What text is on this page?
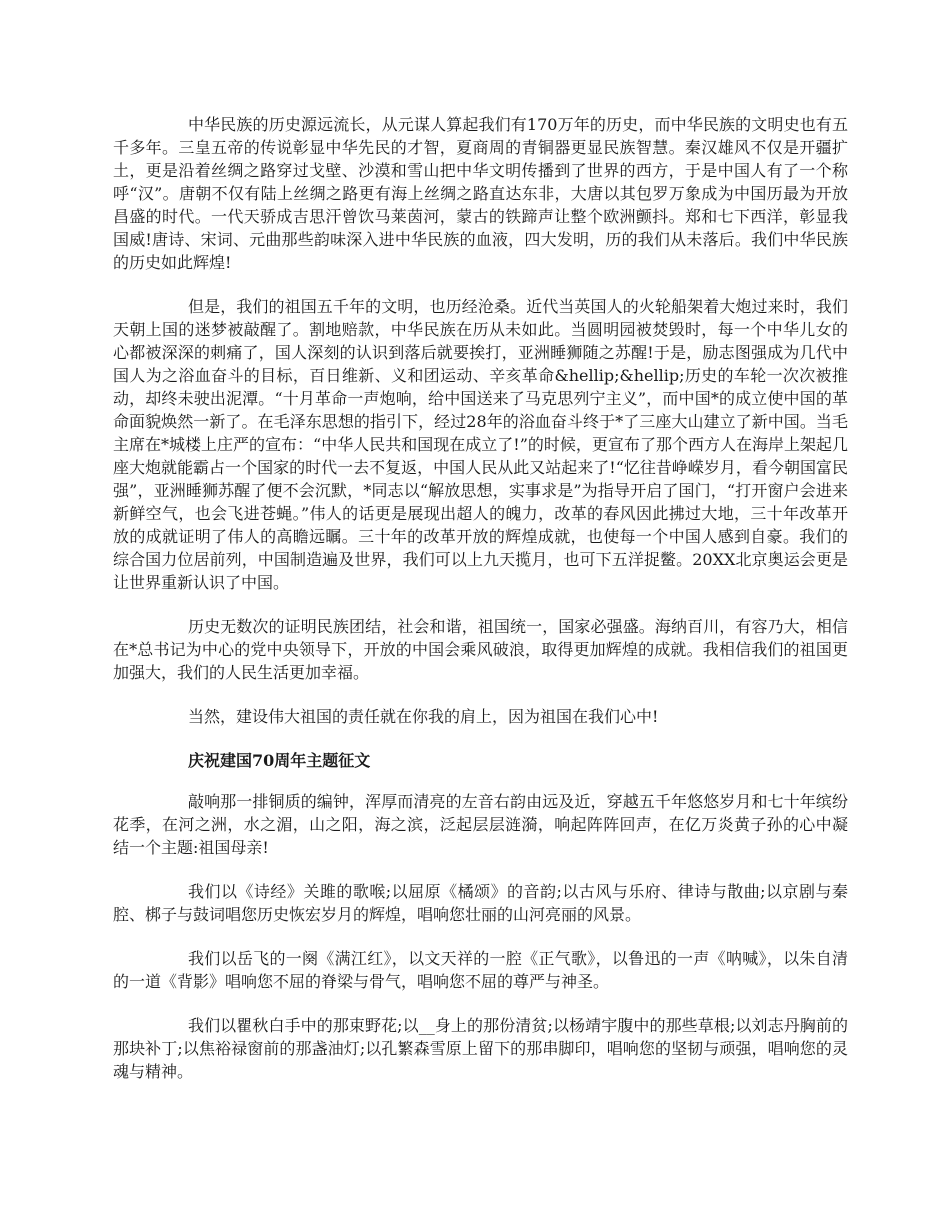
中华民族的历史源远流长，从元谋人算起我们有170万年的历史，而中华民族的文明史也有五千多年。三皇五帝的传说彰显中华先民的才智，夏商周的青铜器更显民族智慧。秦汉雄风不仅是开疆扩土，更是沿着丝绸之路穿过戈壁、沙漠和雪山把中华文明传播到了世界的西方，于是中国人有了一个称呼“汉”。唐朝不仅有陆上丝绸之路更有海上丝绸之路直达东非，大唐以其包罗万象成为中国历最为开放昌盛的时代。一代天骄成吉思汗曾饮马莱茵河，蒙古的铁蹄声让整个欧洲颤抖。郑和七下西洋，彰显我国威!唐诗、宋词、元曲那些韵味深入进中华民族的血液，四大发明，历的我们从未落后。我们中华民族的历史如此辉煌!

但是，我们的祖国五千年的文明，也历经沧桑。近代当英国人的火轮船架着大炮过来时，我们天朝上国的迷梦被敲醒了。割地赔款，中华民族在历从未如此。当圆明园被焚毁时，每一个中华儿女的心都被深深的刺痛了，国人深刻的认识到落后就要挨打，亚洲睡狮随之苏醒!于是，励志图强成为几代中国人为之浴血奋斗的目标，百日维新、义和团运动、辛亥革命&hellip;&hellip;历史的车轮一次次被推动，却终未驶出泥潭。“十月革命一声炮响，给中国送来了马克思列宁主义”，而中国*的成立使中国的革命面貌焕然一新了。在毛泽东思想的指引下，经过28年的浴血奋斗终于*了三座大山建立了新中国。当毛主席在*城楼上庄严的宣布：“中华人民共和国现在成立了!”的时候，更宣布了那个西方人在海岸上架起几座大炮就能霸占一个国家的时代一去不复返，中国人民从此又站起来了!“忆往昔峥嵘岁月，看今朝国富民强”，亚洲睡狮苏醒了便不会沉默，*同志以“解放思想，实事求是”为指导开启了国门，“打开窗户会进来新鲜空气，也会飞进苍蝇。”伟人的话更是展现出超人的魄力，改革的春风因此拂过大地，三十年改革开放的成就证明了伟人的高瞻远瞩。三十年的改革开放的辉煌成就，也使每一个中国人感到自豪。我们的综合国力位居前列，中国制造遍及世界，我们可以上九天揽月，也可下五洋捉鳖。20XX北京奥运会更是让世界重新认识了中国。

历史无数次的证明民族团结，社会和谐，祖国统一，国家必强盛。海纳百川，有容乃大，相信在*总书记为中心的党中央领导下，开放的中国会乘风破浪，取得更加辉煌的成就。我相信我们的祖国更加强大，我们的人民生活更加幸福。

当然，建设伟大祖国的责任就在你我的肩上，因为祖国在我们心中!

庆祝建国70周年主题征文

敲响那一排铜质的编钟，浑厚而清亮的左音右韵由远及近，穿越五千年悠悠岁月和七十年缤纷花季，在河之洲，水之湄，山之阳，海之滨，泛起层层涟漪，响起阵阵回声，在亿万炎黄子孙的心中凝结一个主题:祖国母亲!

我们以《诗经》关雎的歌喉;以屈原《橘颂》的音韵;以古风与乐府、律诗与散曲;以京剧与秦腔、梆子与鼓词唱您历史恢宏岁月的辉煌，唱响您壮丽的山河亮丽的风景。

我们以岳飞的一阕《满江红》，以文天祥的一腔《正气歌》，以鲁迅的一声《呐喊》，以朱自清的一道《背影》唱响您不屈的脊梁与骨气，唱响您不屈的尊严与神圣。

我们以瞿秋白手中的那束野花;以__身上的那份清贫;以杨靖宇腹中的那些草根;以刘志丹胸前的那块补丁;以焦裕禄窗前的那盏油灯;以孔繁森雪原上留下的那串脚印，唱响您的坚韧与顽强，唱响您的灵魂与精神。
